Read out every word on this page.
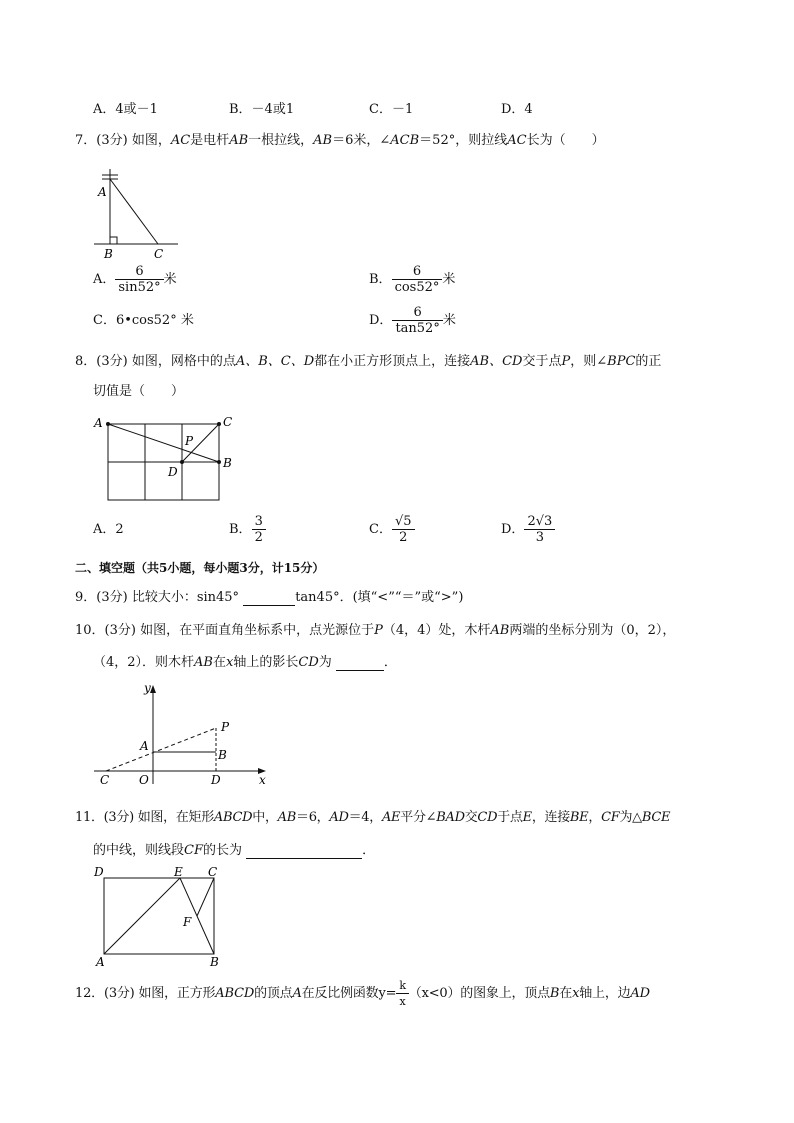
A．4或－1	B．－4或1	C．－1	D．4
7．(3分) 如图，AC是电杆AB一根拉线，AB＝6米，∠ACB＝52°，则拉线AC长为（　　）
A
B	C
A． $\frac{6}{\sin 52^\circ}$ 米	B． $\frac{6}{\cos 52^\circ}$ 米
C．6•cos52° 米	D． $\frac{6}{\tan 52^\circ}$ 米
8．(3分) 如图，网格中的点A、B、C、D都在小正方形顶点上，连接AB、CD交于点P，则∠BPC的正
切值是（　　）
A	C
B
D
P
A．2	B． $\frac{3}{2}$	C． $\frac{√5}{2}$	D． $\frac{2√3}{3}$
二、填空题（共5小题，每小题3分，计15分）
9．(3分) 比较大小：sin45°	tan45°．(填“<”“＝”或“>”)
10．(3分) 如图，在平面直角坐标系中，点光源位于P（4，4）处，木杆AB两端的坐标分别为（0，2），
（4，2）．则木杆AB在x轴上的影长CD为	．
y
x
P
A
B
C O	D
11．(3分) 如图，在矩形ABCD中，AB＝6，AD＝4，AE平分∠BAD交CD于点E，连接BE，CF为△BCE
的中线，则线段CF的长为	．
D	E C
F
A	B
12．(3分) 如图，正方形ABCD的顶点A在反比例函数$y= \frac{k}{x} (x<0)$的图象上，顶点B在x轴上，边AD
